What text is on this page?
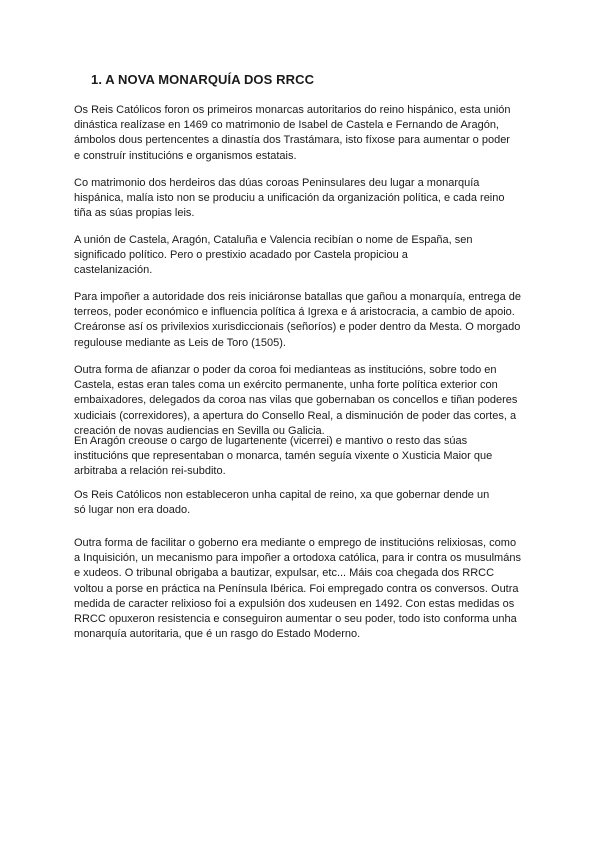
1. A NOVA MONARQUÍA DOS RRCC

Os Reis Católicos foron os primeiros monarcas autoritarios do reino hispánico, esta unión
dinástica realízase en 1469 co matrimonio de Isabel de Castela e Fernando de Aragón,
ámbolos dous pertencentes a dinastía dos Trastámara, isto fíxose para aumentar o poder
e construír institucións e organismos estatais.

Co matrimonio dos herdeiros das dúas coroas Peninsulares deu lugar a monarquía
hispánica, malía isto non se produciu a unificación da organización política, e cada reino
tiña as súas propias leis.

A unión de Castela, Aragón, Cataluña e Valencia recibían o nome de España, sen
significado político. Pero o prestixio acadado por Castela propiciou a
castelanización.

Para impoñer a autoridade dos reis iniciáronse batallas que gañou a monarquía, entrega de
terreos, poder económico e influencia política á Igrexa e á aristocracia, a cambio de apoio.
Creáronse así os privilexios xurisdiccionais (señoríos) e poder dentro da Mesta. O morgado
regulouse mediante as Leis de Toro (1505).

Outra forma de afianzar o poder da coroa foi medianteas as institucións, sobre todo en
Castela, estas eran tales coma un exército permanente, unha forte política exterior con
embaixadores, delegados da coroa nas vilas que gobernaban os concellos e tiñan poderes
xudiciais (correxidores), a apertura do Consello Real, a disminución de poder das cortes, a
creación de novas audiencias en Sevilla ou Galicia.

En Aragón creouse o cargo de lugartenente (vicerrei) e mantivo o resto das súas
institucións que representaban o monarca, tamén seguía vixente o Xusticia Maior que
arbitraba a relación rei-subdito.

Os Reis Católicos non estableceron unha capital de reino, xa que gobernar dende un
só lugar non era doado.

Outra forma de facilitar o goberno era mediante o emprego de institucións relixiosas, como
a Inquisición, un mecanismo para impoñer a ortodoxa católica, para ir contra os musulmáns
e xudeos. O tribunal obrigaba a bautizar, expulsar, etc... Máis coa chegada dos RRCC
voltou a porse en práctica na Península Ibérica. Foi empregado contra os conversos. Outra
medida de caracter relixioso foi a expulsión dos xudeusen en 1492. Con estas medidas os
RRCC opuxeron resistencia e conseguiron aumentar o seu poder, todo isto conforma unha
monarquía autoritaria, que é un rasgo do Estado Moderno.
